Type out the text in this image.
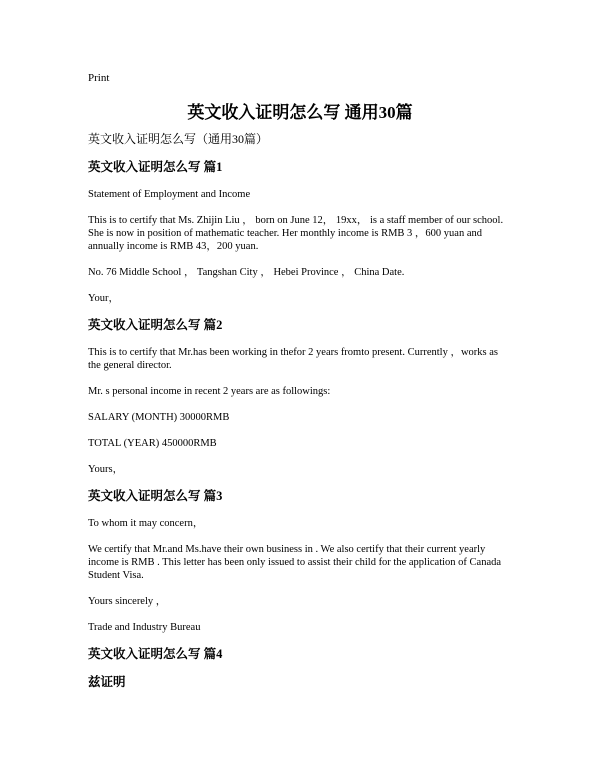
Print
英文收入证明怎么写 通用30篇
英文收入证明怎么写（通用30篇）
英文收入证明怎么写 篇1
Statement of Employment and Income
This is to certify that Ms. Zhijin Liu ， born on June 12， 19xx， is a staff member of our school. She is now in position of mathematic teacher. Her monthly income is RMB 3 ，600 yuan and annually income is RMB 43，200 yuan.
No. 76 Middle School ， Tangshan City ， Hebei Province ， China Date.
Your，
英文收入证明怎么写 篇2
This is to certify that Mr.has been working in thefor 2 years fromto present. Currently ，works as the general director.
Mr. s personal income in recent 2 years are as followings:
SALARY (MONTH) 30000RMB
TOTAL (YEAR) 450000RMB
Yours，
英文收入证明怎么写 篇3
To whom it may concern，
We certify that Mr.and Ms.have their own business in . We also certify that their current yearly income is RMB . This letter has been only issued to assist their child for the application of Canada Student Visa.
Yours sincerely ，
Trade and Industry Bureau
英文收入证明怎么写 篇4
兹证明
